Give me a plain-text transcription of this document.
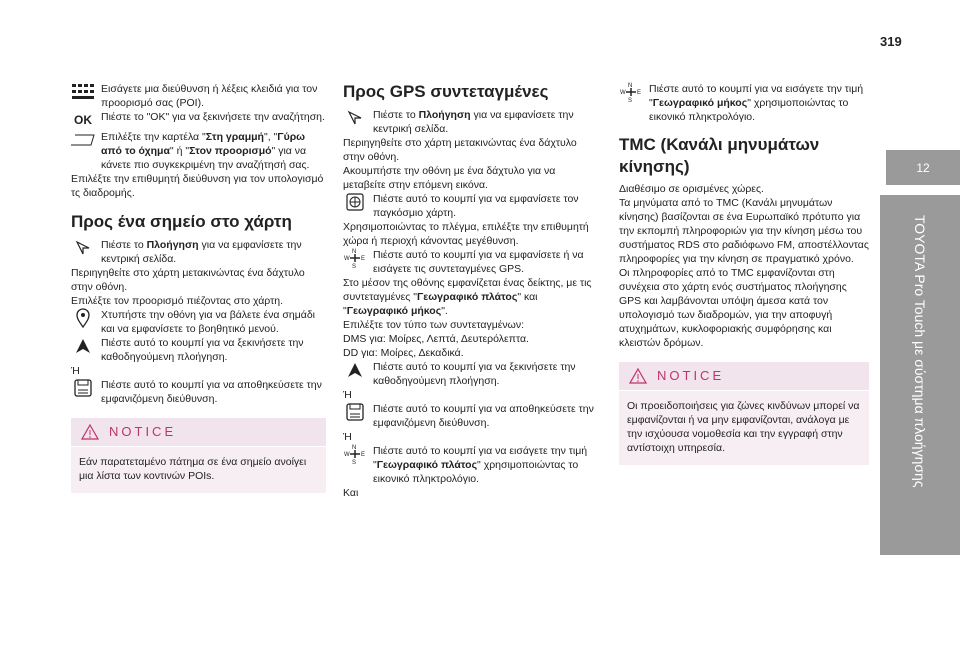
319
12
TOYOTA Pro Touch με σύστημα πλοήγησης

Εισάγετε μια διεύθυνση ή λέξεις κλειδιά για τον προορισμό σας (POI).

OK Πιέστε το "OK" για να ξεκινήσετε την αναζήτηση.

Επιλέξτε την καρτέλα "Στη γραμμή", "Γύρω από το όχημα" ή "Στον προορισμό" για να κάνετε πιο συγκεκριμένη την αναζήτησή σας.

Επιλέξτε την επιθυμητή διεύθυνση για τον υπολογισμό τς διαδρομής.

Προς ένα σημείο στο χάρτη

Πιέστε το Πλοήγηση για να εμφανίσετε την κεντρική σελίδα.

Περιηγηθείτε στο χάρτη μετακινώντας ένα δάχτυλο στην οθόνη.

Επιλέξτε τον προορισμό πιέζοντας στο χάρτη.

Χτυπήστε την οθόνη για να βάλετε ένα σημάδι και να εμφανίσετε το βοηθητικό μενού.

Πιέστε αυτό το κουμπί για να ξεκινήσετε την καθοδηγούμενη πλοήγηση.

Ή

Πιέστε αυτό το κουμπί για να αποθηκεύσετε την εμφανιζόμενη διεύθυνση.

NOTICE
Εάν παρατεταμένο πάτημα σε ένα σημείο ανοίγει μια λίστα των κοντινών POIs.
Προς GPS συντεταγμένες

Πιέστε το Πλοήγηση για να εμφανίσετε την κεντρική σελίδα.

Περιηγηθείτε στο χάρτη μετακινώντας ένα δάχτυλο στην οθόνη.

Ακουμπήστε την οθόνη με ένα δάχτυλο για να μεταβείτε στην επόμενη εικόνα.

Πιέστε αυτό το κουμπί για να εμφανίσετε τον παγκόσμιο χάρτη.

Χρησιμοποιώντας το πλέγμα, επιλέξτε την επιθυμητή χώρα ή περιοχή κάνοντας μεγέθυνση.

N
S
W E Πιέστε αυτό το κουμπί για να εμφανίσετε ή να εισάγετε τις συντεταγμένες GPS.

Στο μέσον της οθόνης εμφανίζεται ένας δείκτης, με τις συντεταγμένες "Γεωγραφικό πλάτος" και "Γεωγραφικό μήκος".

Επιλέξτε τον τύπο των συντεταγμένων:

DMS για: Μοίρες, Λεπτά, Δευτερόλεπτα.

DD για: Μοίρες, Δεκαδικά.

Πιέστε αυτό το κουμπί για να ξεκινήσετε την καθοδηγούμενη πλοήγηση.

Ή

Πιέστε αυτό το κουμπί για να αποθηκεύσετε την εμφανιζόμενη διεύθυνση.

Ή

N
S
W E Πιέστε αυτό το κουμπί για να εισάγετε την τιμή "Γεωγραφικό πλάτος" χρησιμοποιώντας το εικονικό πληκτρολόγιο.

Και

N
S
W E Πιέστε αυτό το κουμπί για να εισάγετε την τιμή "Γεωγραφικό μήκος" χρησιμοποιώντας το εικονικό πληκτρολόγιο.

TMC (Κανάλι μηνυμάτων κίνησης)

Διαθέσιμο σε ορισμένες χώρες.

Τα μηνύματα από το TMC (Κανάλι μηνυμάτων κίνησης) βασίζονται σε ένα Ευρωπαϊκό πρότυπο για την εκπομπή πληροφοριών για την κίνηση μέσω του συστήματος RDS στο ραδιόφωνο FM, αποστέλλοντας πληροφορίες για την κίνηση σε πραγματικό χρόνο.

Οι πληροφορίες από το TMC εμφανίζονται στη συνέχεια στο χάρτη ενός συστήματος πλοήγησης GPS και λαμβάνονται υπόψη άμεσα κατά τον υπολογισμό των διαδρομών, για την αποφυγή ατυχημάτων, κυκλοφοριακής συμφόρησης και κλειστών δρόμων.

NOTICE
Οι προειδοποιήσεις για ζώνες κινδύνων μπορεί να εμφανίζονται ή να μην εμφανίζονται, ανάλογα με την ισχύουσα νομοθεσία και την εγγραφή στην αντίστοιχη υπηρεσία.
